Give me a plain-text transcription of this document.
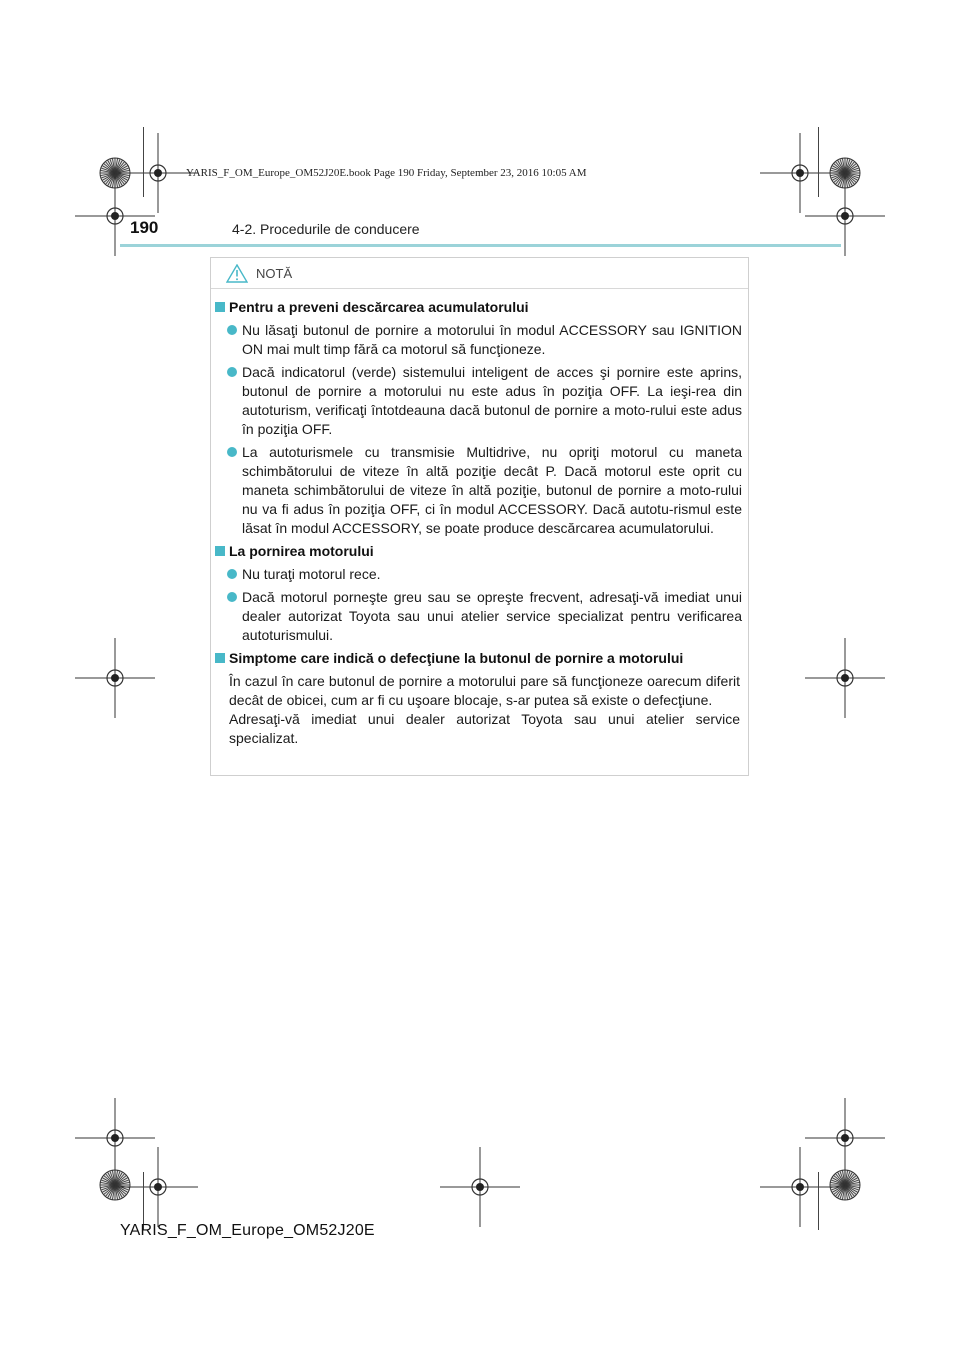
YARIS_F_OM_Europe_OM52J20E.book Page 190 Friday, September 23, 2016 10:05 AM
190	4-2. Procedurile de conducere
NOTĂ
Pentru a preveni descărcarea acumulatorului
Nu lăsaţi butonul de pornire a motorului în modul ACCESSORY sau IGNITION ON mai mult timp fără ca motorul să funcţioneze.
Dacă indicatorul (verde) sistemului inteligent de acces şi pornire este aprins, butonul de pornire a motorului nu este adus în poziţia OFF. La ieşi-rea din autoturism, verificaţi întotdeauna dacă butonul de pornire a moto-rului este adus în poziţia OFF.
La autoturismele cu transmisie Multidrive, nu opriţi motorul cu maneta schimbătorului de viteze în altă poziţie decât P. Dacă motorul este oprit cu maneta schimbătorului de viteze în altă poziţie, butonul de pornire a moto-rului nu va fi adus în poziţia OFF, ci în modul ACCESSORY. Dacă autotu-rismul este lăsat în modul ACCESSORY, se poate produce descărcarea acumulatorului.
La pornirea motorului
Nu turaţi motorul rece.
Dacă motorul porneşte greu sau se opreşte frecvent, adresaţi-vă imediat unui dealer autorizat Toyota sau unui atelier service specializat pentru verificarea autoturismului.
Simptome care indică o defecţiune la butonul de pornire a motorului
În cazul în care butonul de pornire a motorului pare să funcţioneze oarecum diferit decât de obicei, cum ar fi cu uşoare blocaje, s-ar putea să existe o defecţiune.
Adresaţi-vă imediat unui dealer autorizat Toyota sau unui atelier service specializat.
YARIS_F_OM_Europe_OM52J20E
